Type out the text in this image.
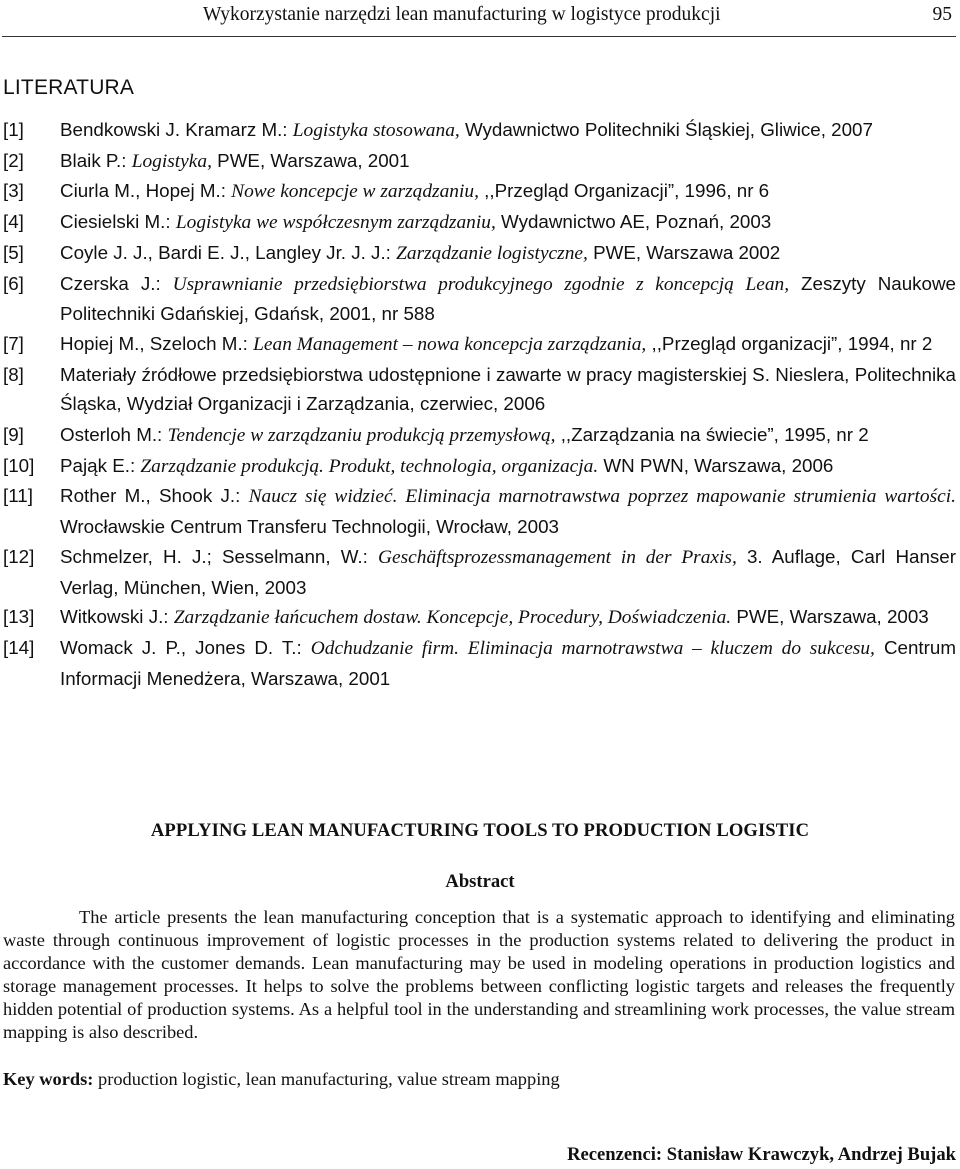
Wykorzystanie narzędzi lean manufacturing w logistyce produkcji	95
LITERATURA
[1] Bendkowski J. Kramarz M.: Logistyka stosowana, Wydawnictwo Politechniki Śląskiej, Gliwice, 2007
[2] Blaik P.: Logistyka, PWE, Warszawa, 2001
[3] Ciurla M., Hopej M.: Nowe koncepcje w zarządzaniu, ,,Przegląd Organizacji”, 1996, nr 6
[4] Ciesielski M.: Logistyka we współczesnym zarządzaniu, Wydawnictwo AE, Poznań, 2003
[5] Coyle J. J., Bardi E. J., Langley Jr. J. J.: Zarządzanie logistyczne, PWE, Warszawa 2002
[6] Czerska J.: Usprawnianie przedsiębiorstwa produkcyjnego zgodnie z koncepcją Lean, Zeszyty Naukowe Politechniki Gdańskiej, Gdańsk, 2001, nr 588
[7] Hopiej M., Szeloch M.: Lean Management – nowa koncepcja zarządzania, ,,Przegląd organizacji”, 1994, nr 2
[8] Materiały źródłowe przedsiębiorstwa udostępnione i zawarte w pracy magisterskiej S. Nieslera, Politechnika Śląska, Wydział Organizacji i Zarządzania, czerwiec, 2006
[9] Osterloh M.: Tendencje w zarządzaniu produkcją przemysłową, ,,Zarządzania na świecie”, 1995, nr 2
[10] Pająk E.: Zarządzanie produkcją. Produkt, technologia, organizacja. WN PWN, Warszawa, 2006
[11] Rother M., Shook J.: Naucz się widzieć. Eliminacja marnotrawstwa poprzez mapowanie strumienia wartości. Wrocławskie Centrum Transferu Technologii, Wrocław, 2003
[12] Schmelzer, H. J.; Sesselmann, W.: Geschäftsprozessmanagement in der Praxis, 3. Auflage, Carl Hanser Verlag, München, Wien, 2003
[13] Witkowski J.: Zarządzanie łańcuchem dostaw. Koncepcje, Procedury, Doświadczenia. PWE, Warszawa, 2003
[14] Womack J. P., Jones D. T.: Odchudzanie firm. Eliminacja marnotrawstwa – kluczem do sukcesu, Centrum Informacji Menedżera, Warszawa, 2001
APPLYING LEAN MANUFACTURING TOOLS TO PRODUCTION LOGISTIC
Abstract

The article presents the lean manufacturing conception that is a systematic approach to identifying and eliminating waste through continuous improvement of logistic processes in the production systems related to delivering the product in accordance with the customer demands. Lean manufacturing may be used in modeling operations in production logistics and storage management processes. It helps to solve the problems between conflicting logistic targets and releases the frequently hidden potential of production systems. As a helpful tool in the understanding and streamlining work processes, the value stream mapping is also described.

Key words: production logistic, lean manufacturing, value stream mapping

Recenzenci: Stanisław Krawczyk, Andrzej Bujak
